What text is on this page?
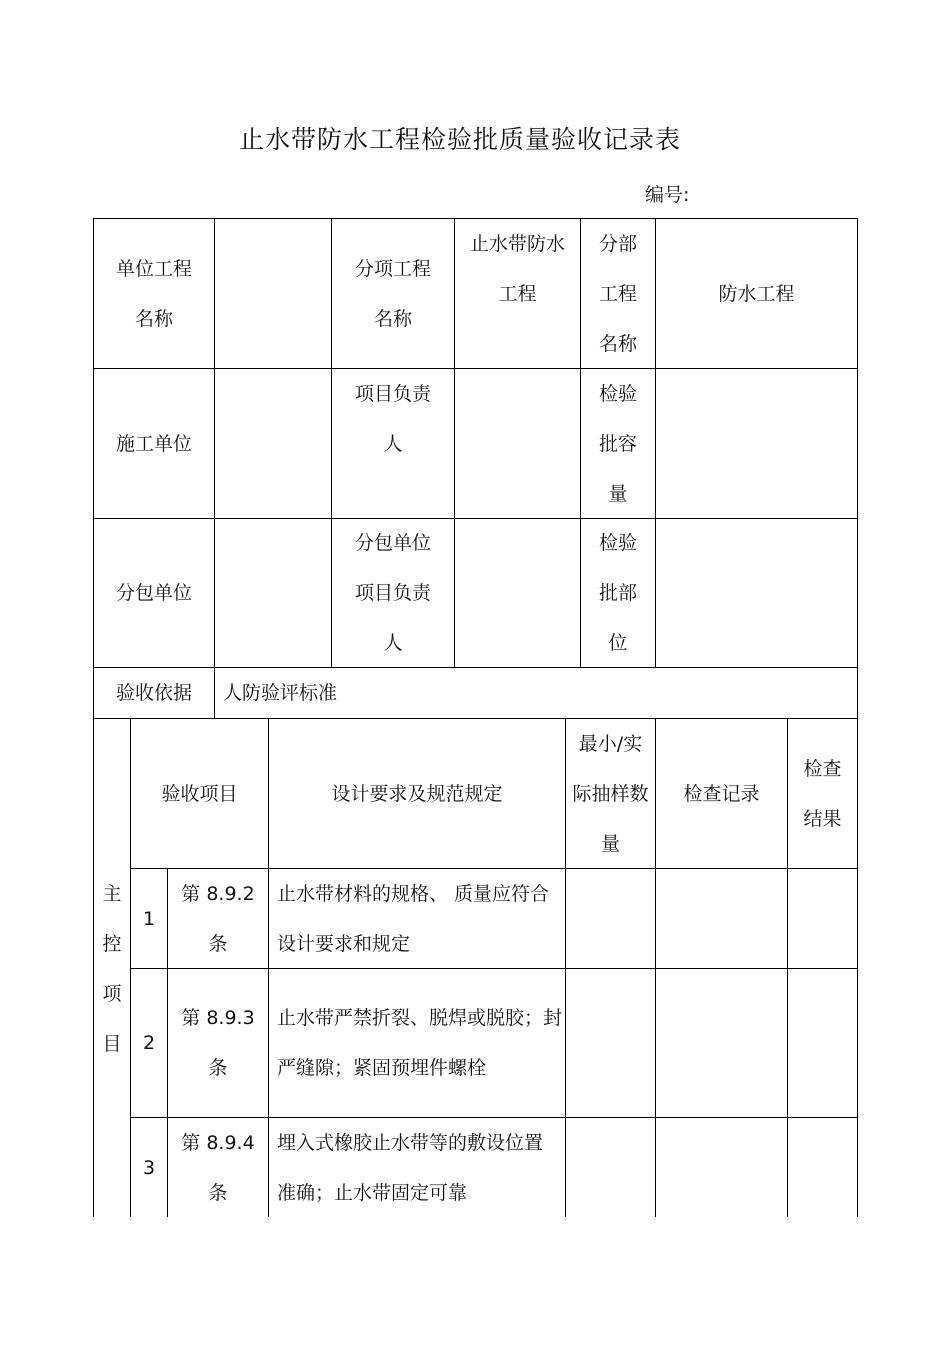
止水带防水工程检验批质量验收记录表
编号:
单位工程名称
分项工程名称
止水带防水工程
分部工程名称
防水工程
施工单位
项目负责人
检验批容量
分包单位
分包单位项目负责人
检验批部位
验收依据 人防验评标准
验收项目	设计要求及规范规定
最小/实际抽样数量
检查记录
检查结果
主控项目
1
第 8.9.2 条
止水带材料的规格、 质量应符合设计要求和规定
2
第 8.9.3 条
止水带严禁折裂、脱焊或脱胶；封严缝隙；紧固预埋件螺栓
3
第 8.9.4 条
埋入式橡胶止水带等的敷设位置准确；止水带固定可靠
